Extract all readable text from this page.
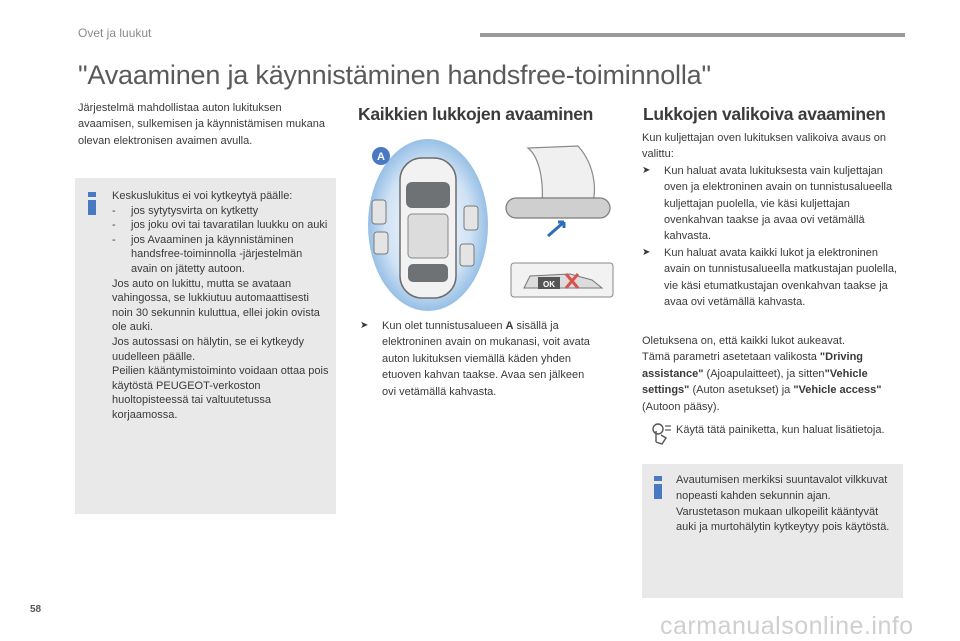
Ovet ja luukut
"Avaaminen ja käynnistäminen handsfree-toiminnolla"
Järjestelmä mahdollistaa auton lukituksen avaamisen, sulkemisen ja käynnistämisen mukana olevan elektronisen avaimen avulla.
Keskuslukitus ei voi kytkeytyä päälle:
- jos sytytysvirta on kytketty
- jos joku ovi tai tavaratilan luukku on auki
- jos Avaaminen ja käynnistäminen handsfree-toiminnolla -järjestelmän avain on jätetty autoon.
Jos auto on lukittu, mutta se avataan vahingossa, se lukkiutuu automaattisesti noin 30 sekunnin kuluttua, ellei jokin ovista ole auki.
Jos autossasi on hälytin, se ei kytkeydy uudelleen päälle.
Peilien kääntymistoiminto voidaan ottaa pois käytöstä PEUGEOT-verkoston huoltopisteessä tai valtuutetussa korjaamossa.
Kaikkien lukkojen avaaminen
A
OK
➤ Kun olet tunnistusalueen A sisällä ja elektroninen avain on mukanasi, voit avata auton lukituksen viemällä käden yhden etuoven kahvan taakse. Avaa sen jälkeen ovi vetämällä kahvasta.
Lukkojen valikoiva avaaminen
Kun kuljettajan oven lukituksen valikoiva avaus on valittu:
➤ Kun haluat avata lukituksesta vain kuljettajan oven ja elektroninen avain on tunnistusalueella kuljettajan puolella, vie käsi kuljettajan ovenkahvan taakse ja avaa ovi vetämällä kahvasta.
➤ Kun haluat avata kaikki lukot ja elektroninen avain on tunnistusalueella matkustajan puolella, vie käsi etumatkustajan ovenkahvan taakse ja avaa ovi vetämällä kahvasta.
Oletuksena on, että kaikki lukot aukeavat.
Tämä parametri asetetaan valikosta "Driving assistance" (Ajoapulaitteet), ja sitten"Vehicle settings" (Auton asetukset) ja "Vehicle access" (Autoon pääsy).
Käytä tätä painiketta, kun haluat lisätietoja.
Avautumisen merkiksi suuntavalot vilkkuvat nopeasti kahden sekunnin ajan.
Varustetason mukaan ulkopeilit kääntyvät auki ja murtohälytin kytkeytyy pois käytöstä.
58
carmanualsonline.info
